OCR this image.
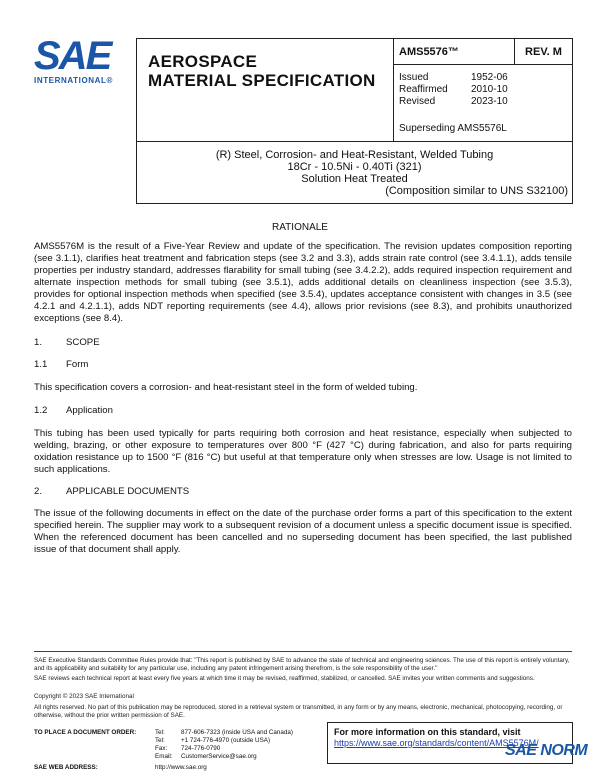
SAE
INTERNATIONAL®
AEROSPACE
MATERIAL SPECIFICATION
AMS5576™	REV. M
Issued	1952-06
Reaffirmed 2010-10
Revised	2023-10
Superseding AMS5576L
(R) Steel, Corrosion- and Heat-Resistant, Welded Tubing
18Cr - 10.5Ni - 0.40Ti (321)
Solution Heat Treated
(Composition similar to UNS S32100)
RATIONALE
AMS5576M is the result of a Five-Year Review and update of the specification. The revision updates composition reporting (see 3.1.1), clarifies heat treatment and fabrication steps (see 3.2 and 3.3), adds strain rate control (see 3.4.1.1), adds tensile properties per industry standard, addresses flarability for small tubing (see 3.4.2.2), adds required inspection requirement and alternate inspection methods for small tubing (see 3.5.1), adds additional details on cleanliness inspection (see 3.5.3), provides for optional inspection methods when specified (see 3.5.4), updates acceptance consistent with changes in 3.5 (see 4.2.1 and 4.2.1.1), adds NDT reporting requirements (see 4.4), allows prior revisions (see 8.3), and prohibits unauthorized exceptions (see 8.4).
1. SCOPE
1.1 Form
This specification covers a corrosion- and heat-resistant steel in the form of welded tubing.
1.2 Application
This tubing has been used typically for parts requiring both corrosion and heat resistance, especially when subjected to welding, brazing, or other exposure to temperatures over 800 °F (427 °C) during fabrication, and also for parts requiring oxidation resistance up to 1500 °F (816 °C) but useful at that temperature only when stresses are low. Usage is not limited to such applications.
2. APPLICABLE DOCUMENTS
The issue of the following documents in effect on the date of the purchase order forms a part of this specification to the extent specified herein. The supplier may work to a subsequent revision of a document unless a specific document issue is specified. When the referenced document has been cancelled and no superseding document has been specified, the last published issue of that document shall apply.
SAE Executive Standards Committee Rules provide that: "This report is published by SAE to advance the state of technical and engineering sciences. The use of this report is entirely voluntary, and its applicability and suitability for any particular use, including any patent infringement arising therefrom, is the sole responsibility of the user."
SAE reviews each technical report at least every five years at which time it may be revised, reaffirmed, stabilized, or cancelled. SAE invites your written comments and suggestions.
Copyright © 2023 SAE International
All rights reserved. No part of this publication may be reproduced, stored in a retrieval system or transmitted, in any form or by any means, electronic, mechanical, photocopying, recording, or otherwise, without the prior written permission of SAE.
TO PLACE A DOCUMENT ORDER:	Tel:	877-606-7323 (inside USA and Canada)
Tel:	+1 724-776-4970 (outside USA)
Fax: 724-776-0790
Email: CustomerService@sae.org
SAE WEB ADDRESS:	http://www.sae.org
For more information on this standard, visit
https://www.sae.org/standards/content/AMS5576M/
SAE NORM
